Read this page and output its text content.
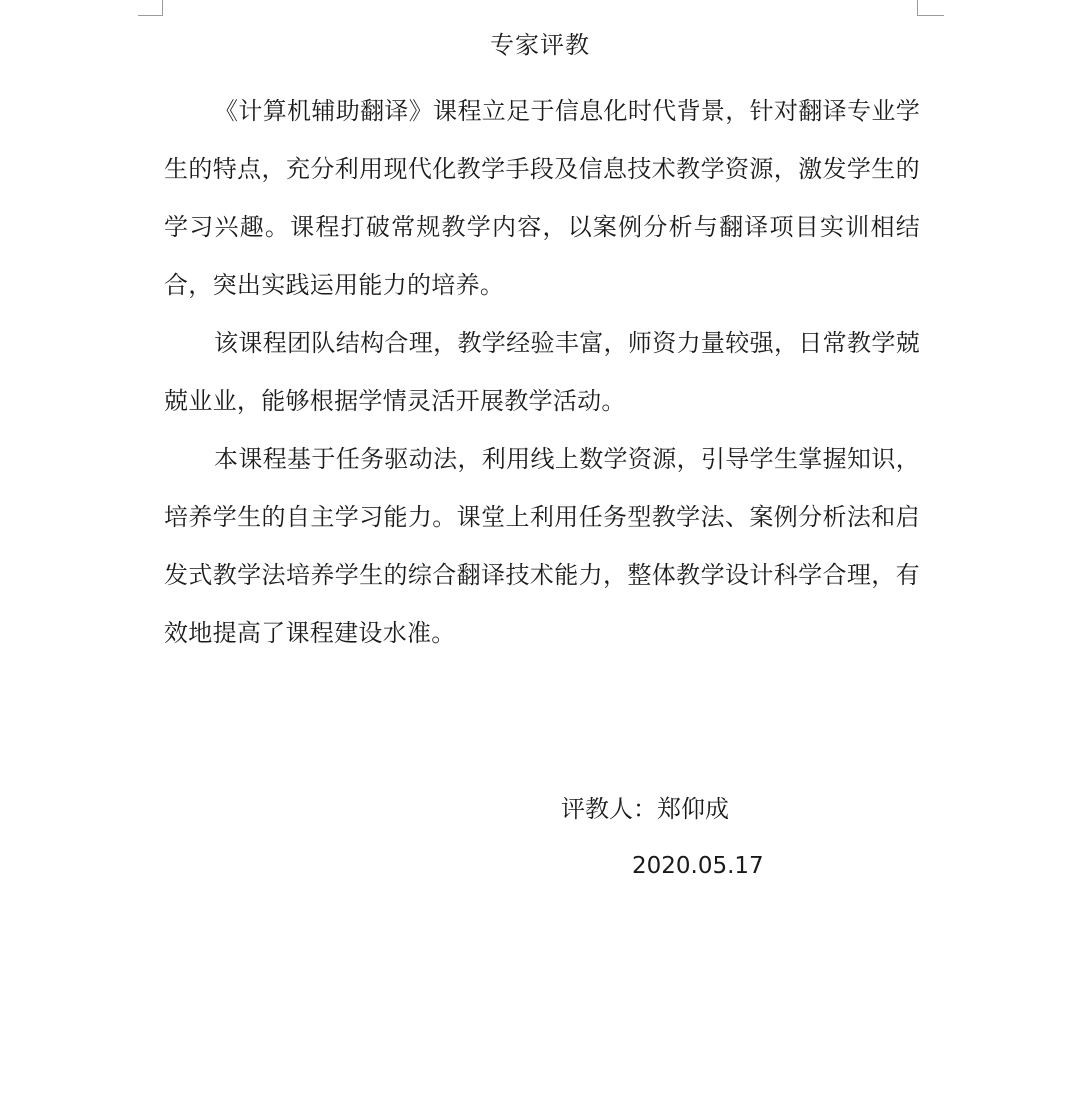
专家评教

《计算机辅助翻译》课程立足于信息化时代背景，针对翻译专业学生的特点，充分利用现代化教学手段及信息技术教学资源，激发学生的学习兴趣。课程打破常规教学内容，以案例分析与翻译项目实训相结合，突出实践运用能力的培养。

该课程团队结构合理，教学经验丰富，师资力量较强，日常教学兢兢业业，能够根据学情灵活开展教学活动。

本课程基于任务驱动法，利用线上数学资源，引导学生掌握知识，培养学生的自主学习能力。课堂上利用任务型教学法、案例分析法和启发式教学法培养学生的综合翻译技术能力，整体教学设计科学合理，有效地提高了课程建设水准。

评教人：郑仰成
2020.05.17
